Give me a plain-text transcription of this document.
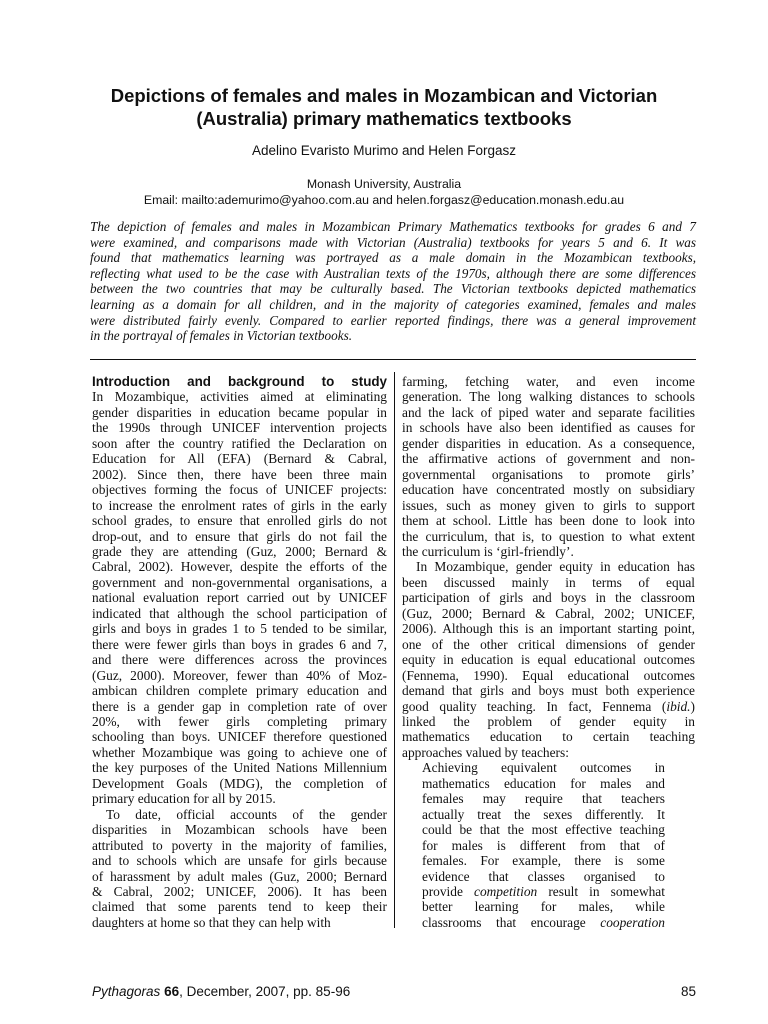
Depictions of females and males in Mozambican and Victorian
(Australia) primary mathematics textbooks
Adelino Evaristo Murimo and Helen Forgasz
Monash University, Australia
Email: mailto:ademurimo@yahoo.com.au and helen.forgasz@education.monash.edu.au
The depiction of females and males in Mozambican Primary Mathematics textbooks for grades 6 and 7
were examined, and comparisons made with Victorian (Australia) textbooks for years 5 and 6. It was
found that mathematics learning was portrayed as a male domain in the Mozambican textbooks,
reflecting what used to be the case with Australian texts of the 1970s, although there are some differences
between the two countries that may be culturally based. The Victorian textbooks depicted mathematics
learning as a domain for all children, and in the majority of categories examined, females and males
were distributed fairly evenly. Compared to earlier reported findings, there was a general improvement
in the portrayal of females in Victorian textbooks.
Introduction and background to study
In Mozambique, activities aimed at eliminating
gender disparities in education became popular in
the 1990s through UNICEF intervention projects
soon after the country ratified the Declaration on
Education for All (EFA) (Bernard & Cabral,
2002). Since then, there have been three main
objectives forming the focus of UNICEF projects:
to increase the enrolment rates of girls in the early
school grades, to ensure that enrolled girls do not
drop-out, and to ensure that girls do not fail the
grade they are attending (Guz, 2000; Bernard &
Cabral, 2002). However, despite the efforts of the
government and non-governmental organisations, a
national evaluation report carried out by UNICEF
indicated that although the school participation of
girls and boys in grades 1 to 5 tended to be similar,
there were fewer girls than boys in grades 6 and 7,
and there were differences across the provinces
(Guz, 2000). Moreover, fewer than 40% of Moz-
ambican children complete primary education and
there is a gender gap in completion rate of over
20%, with fewer girls completing primary
schooling than boys. UNICEF therefore questioned
whether Mozambique was going to achieve one of
the key purposes of the United Nations Millennium
Development Goals (MDG), the completion of
primary education for all by 2015.
To date, official accounts of the gender
disparities in Mozambican schools have been
attributed to poverty in the majority of families,
and to schools which are unsafe for girls because
of harassment by adult males (Guz, 2000; Bernard
& Cabral, 2002; UNICEF, 2006). It has been
claimed that some parents tend to keep their
daughters at home so that they can help with
farming, fetching water, and even income
generation. The long walking distances to schools
and the lack of piped water and separate facilities
in schools have also been identified as causes for
gender disparities in education. As a consequence,
the affirmative actions of government and non-
governmental organisations to promote girls’
education have concentrated mostly on subsidiary
issues, such as money given to girls to support
them at school. Little has been done to look into
the curriculum, that is, to question to what extent
the curriculum is ‘girl-friendly’.
In Mozambique, gender equity in education has
been discussed mainly in terms of equal
participation of girls and boys in the classroom
(Guz, 2000; Bernard & Cabral, 2002; UNICEF,
2006). Although this is an important starting point,
one of the other critical dimensions of gender
equity in education is equal educational outcomes
(Fennema, 1990). Equal educational outcomes
demand that girls and boys must both experience
good quality teaching. In fact, Fennema (ibid.)
linked the problem of gender equity in
mathematics education to certain teaching
approaches valued by teachers:
Achieving equivalent outcomes in
mathematics education for males and
females may require that teachers
actually treat the sexes differently. It
could be that the most effective teaching
for males is different from that of
females. For example, there is some
evidence that classes organised to
provide competition result in somewhat
better learning for males, while
classrooms that encourage cooperation
Pythagoras 66, December, 2007, pp. 85-96	85
